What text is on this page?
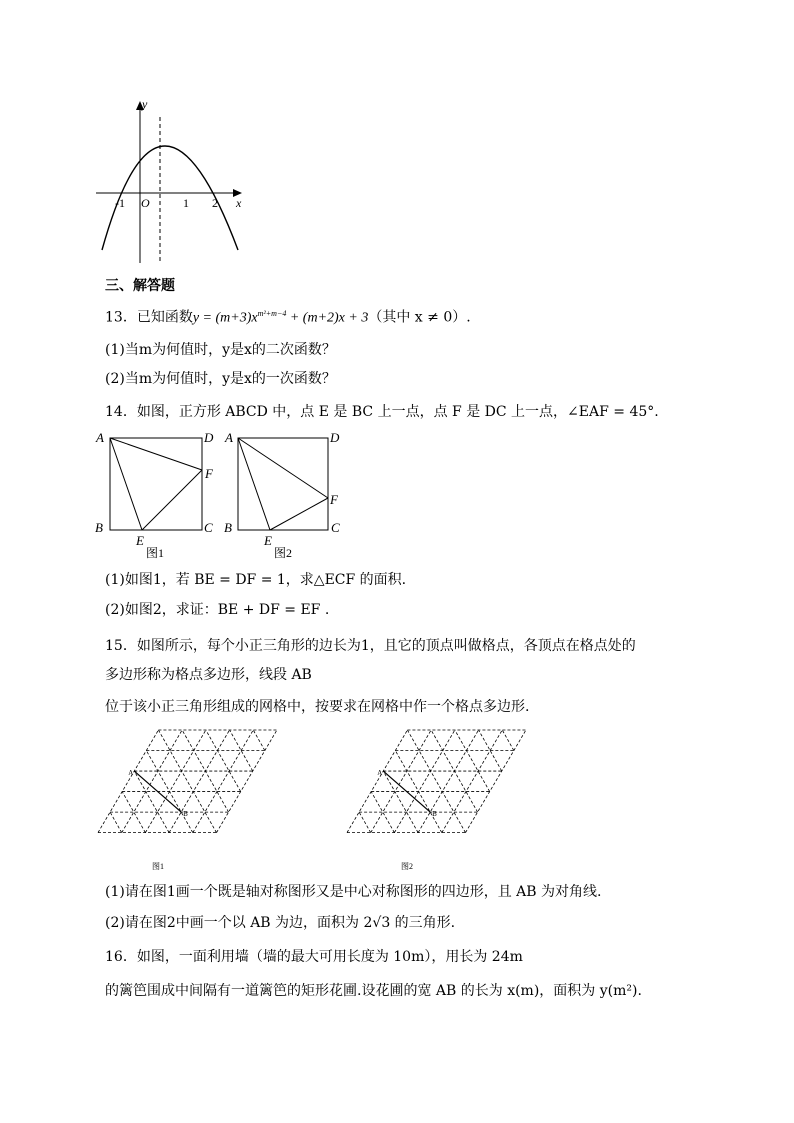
y
x
O
-1	1 2
三、解答题
13．已知函数$y = (m+3)x^{m^2+m-4} + (m+2)x + 3$（其中 x ≠ 0）.
(1)当m为何值时，y是x的二次函数？
(2)当m为何值时，y是x的一次函数？
14．如图，正方形 ABCD 中，点 E 是 BC 上一点，点 F 是 DC 上一点，∠EAF = 45°.
A	D
F
B	C
E
图1
A	D
F
B	C
E
图2
(1)如图1，若 BE = DF = 1，求△ECF 的面积.
(2)如图2，求证：BE + DF = EF .
15．如图所示，每个小正三角形的边长为1，且它的顶点叫做格点，各顶点在格点处的
多边形称为格点多边形，线段 AB
位于该小正三角形组成的网格中，按要求在网格中作一个格点多边形.
A
B
图1
A
B
图2
(1)请在图1画一个既是轴对称图形又是中心对称图形的四边形，且 AB 为对角线.
(2)请在图2中画一个以 AB 为边，面积为 2√3 的三角形.
16．如图，一面利用墙（墙的最大可用长度为 10m），用长为 24m
的篱笆围成中间隔有一道篱笆的矩形花圃.设花圃的宽 AB 的长为 x(m)，面积为 y(m²).
